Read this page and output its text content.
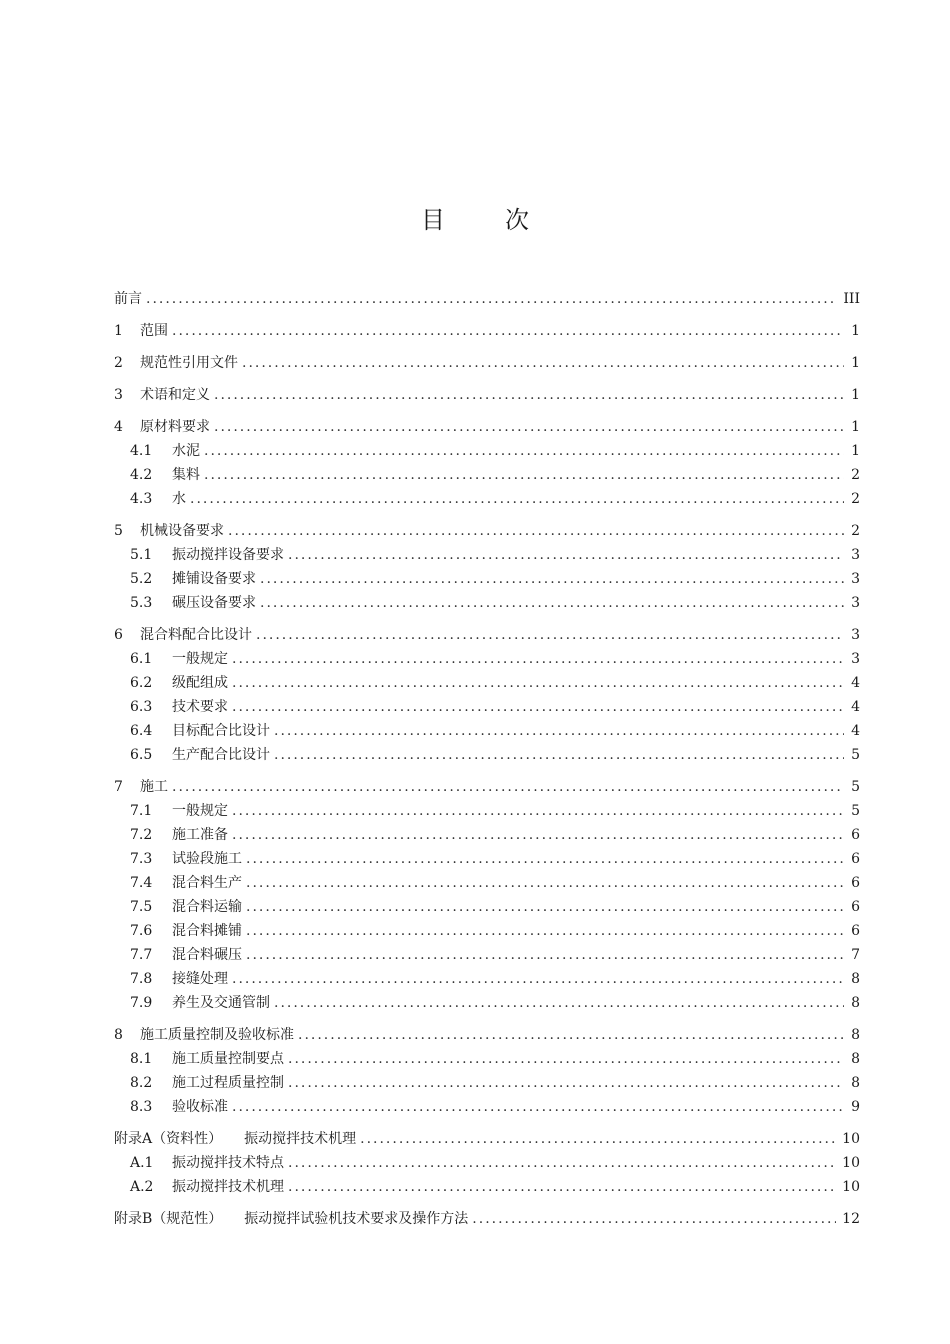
目	次
前言 .....	III
1	范围 .....	1
2	规范性引用文件 .....	1
3	术语和定义 .....	1
4	原材料要求 .....	1
4.1	水泥 .....	1
4.2	集料 .....	2
4.3	水 .....	2
5	机械设备要求 .....	2
5.1	振动搅拌设备要求 .....	3
5.2	摊铺设备要求 .....	3
5.3	碾压设备要求 .....	3
6	混合料配合比设计 .....	3
6.1	一般规定 .....	3
6.2	级配组成 .....	4
6.3	技术要求 .....	4
6.4	目标配合比设计 .....	4
6.5	生产配合比设计 .....	5
7	施工 .....	5
7.1	一般规定 .....	5
7.2	施工准备 .....	6
7.3	试验段施工 .....	6
7.4	混合料生产 .....	6
7.5	混合料运输 .....	6
7.6	混合料摊铺 .....	6
7.7	混合料碾压 .....	7
7.8	接缝处理 .....	8
7.9	养生及交通管制 .....	8
8	施工质量控制及验收标准 .....	8
8.1	施工质量控制要点 .....	8
8.2	施工过程质量控制 .....	8
8.3	验收标准 .....	9
附录A（资料性） 振动搅拌技术机理 .....	10
A.1	振动搅拌技术特点 .....	10
A.2	振动搅拌技术机理 .....	10
附录B（规范性） 振动搅拌试验机技术要求及操作方法 .....	12
